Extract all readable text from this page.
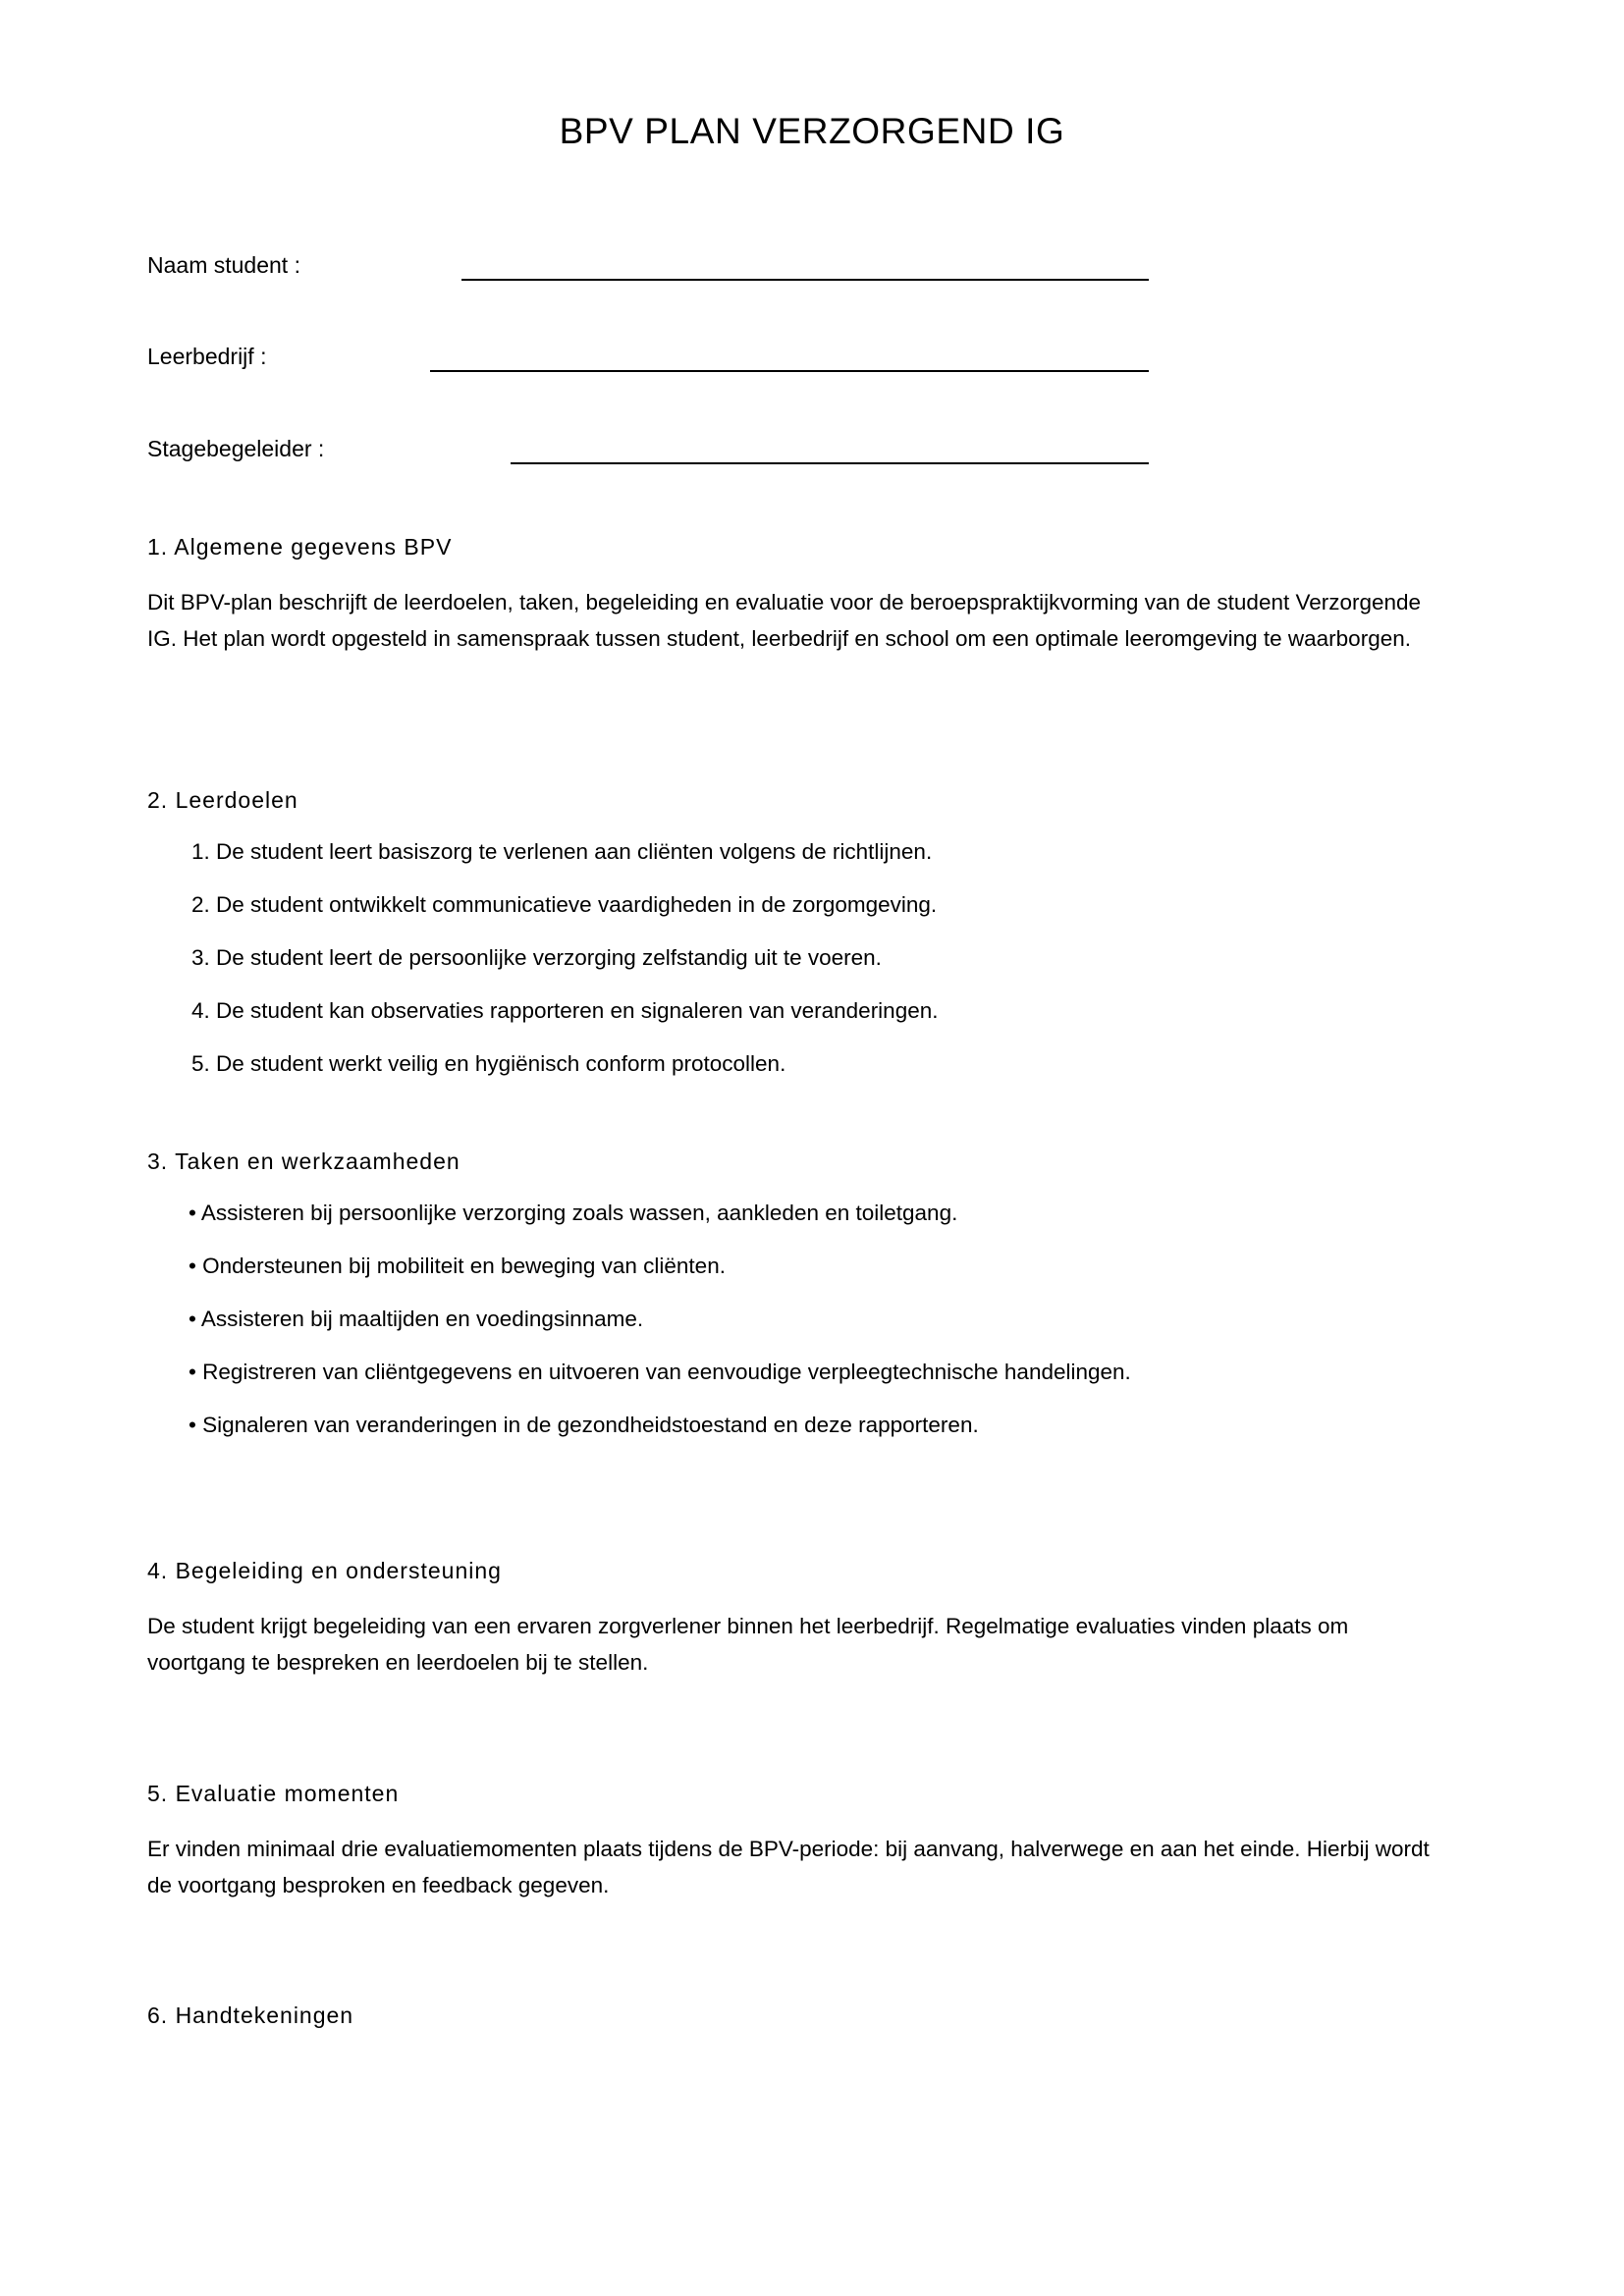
BPV PLAN VERZORGEND IG
Naam student :
Leerbedrijf :
Stagebegeleider :
1. Algemene gegevens BPV

Dit BPV-plan beschrijft de leerdoelen, taken, begeleiding en evaluatie voor de beroepspraktijkvorming van de student Verzorgende IG. Het plan wordt opgesteld in samenspraak tussen student, leerbedrijf en school om een optimale leeromgeving te waarborgen.

2. Leerdoelen
1. De student leert basiszorg te verlenen aan cliënten volgens de richtlijnen.
2. De student ontwikkelt communicatieve vaardigheden in de zorgomgeving.
3. De student leert de persoonlijke verzorging zelfstandig uit te voeren.
4. De student kan observaties rapporteren en signaleren van veranderingen.
5. De student werkt veilig en hygiënisch conform protocollen.
3. Taken en werkzaamheden
• Assisteren bij persoonlijke verzorging zoals wassen, aankleden en toiletgang.
• Ondersteunen bij mobiliteit en beweging van cliënten.
• Assisteren bij maaltijden en voedingsinname.
• Registreren van cliëntgegevens en uitvoeren van eenvoudige verpleegtechnische handelingen.
• Signaleren van veranderingen in de gezondheidstoestand en deze rapporteren.
4. Begeleiding en ondersteuning

De student krijgt begeleiding van een ervaren zorgverlener binnen het leerbedrijf. Regelmatige evaluaties vinden plaats om voortgang te bespreken en leerdoelen bij te stellen.

5. Evaluatie momenten

Er vinden minimaal drie evaluatiemomenten plaats tijdens de BPV-periode: bij aanvang, halverwege en aan het einde. Hierbij wordt de voortgang besproken en feedback gegeven.

6. Handtekeningen
